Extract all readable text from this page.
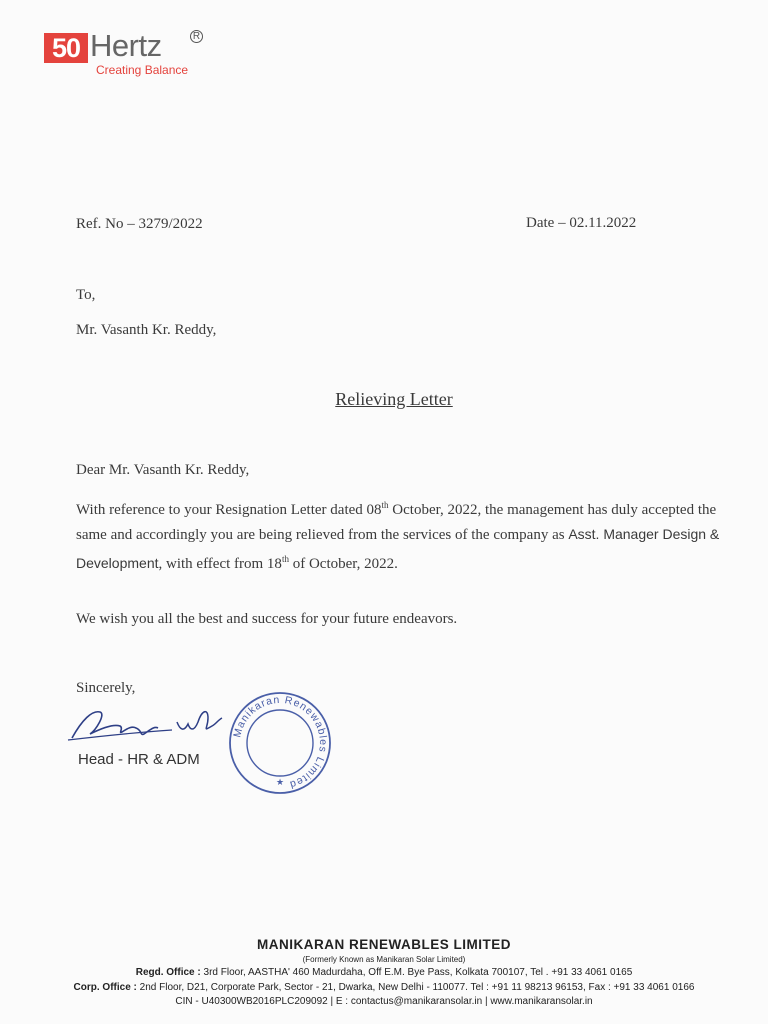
50 Hertz	R
Creating Balance
Ref. No – 3279/2022	Date – 02.11.2022
To,
Mr. Vasanth Kr. Reddy,
Relieving Letter
Dear Mr. Vasanth Kr. Reddy,
With reference to your Resignation Letter dated 08th October, 2022, the management has duly accepted the same and accordingly you are being relieved from the services of the company as Asst. Manager Design & Development, with effect from 18th of October, 2022.
We wish you all the best and success for your future endeavors.
Sincerely,
Head - HR & ADM
Manikaran Renewables Limited
★
MANIKARAN RENEWABLES LIMITED
(Formerly Known as Manikaran Solar Limited)
Regd. Office : 3rd Floor, AASTHA' 460 Madurdaha, Off E.M. Bye Pass, Kolkata 700107, Tel . +91 33 4061 0165
Corp. Office : 2nd Floor, D21, Corporate Park, Sector - 21, Dwarka, New Delhi - 110077. Tel : +91 11 98213 96153, Fax : +91 33 4061 0166
CIN - U40300WB2016PLC209092 | E : contactus@manikaransolar.in | www.manikaransolar.in
